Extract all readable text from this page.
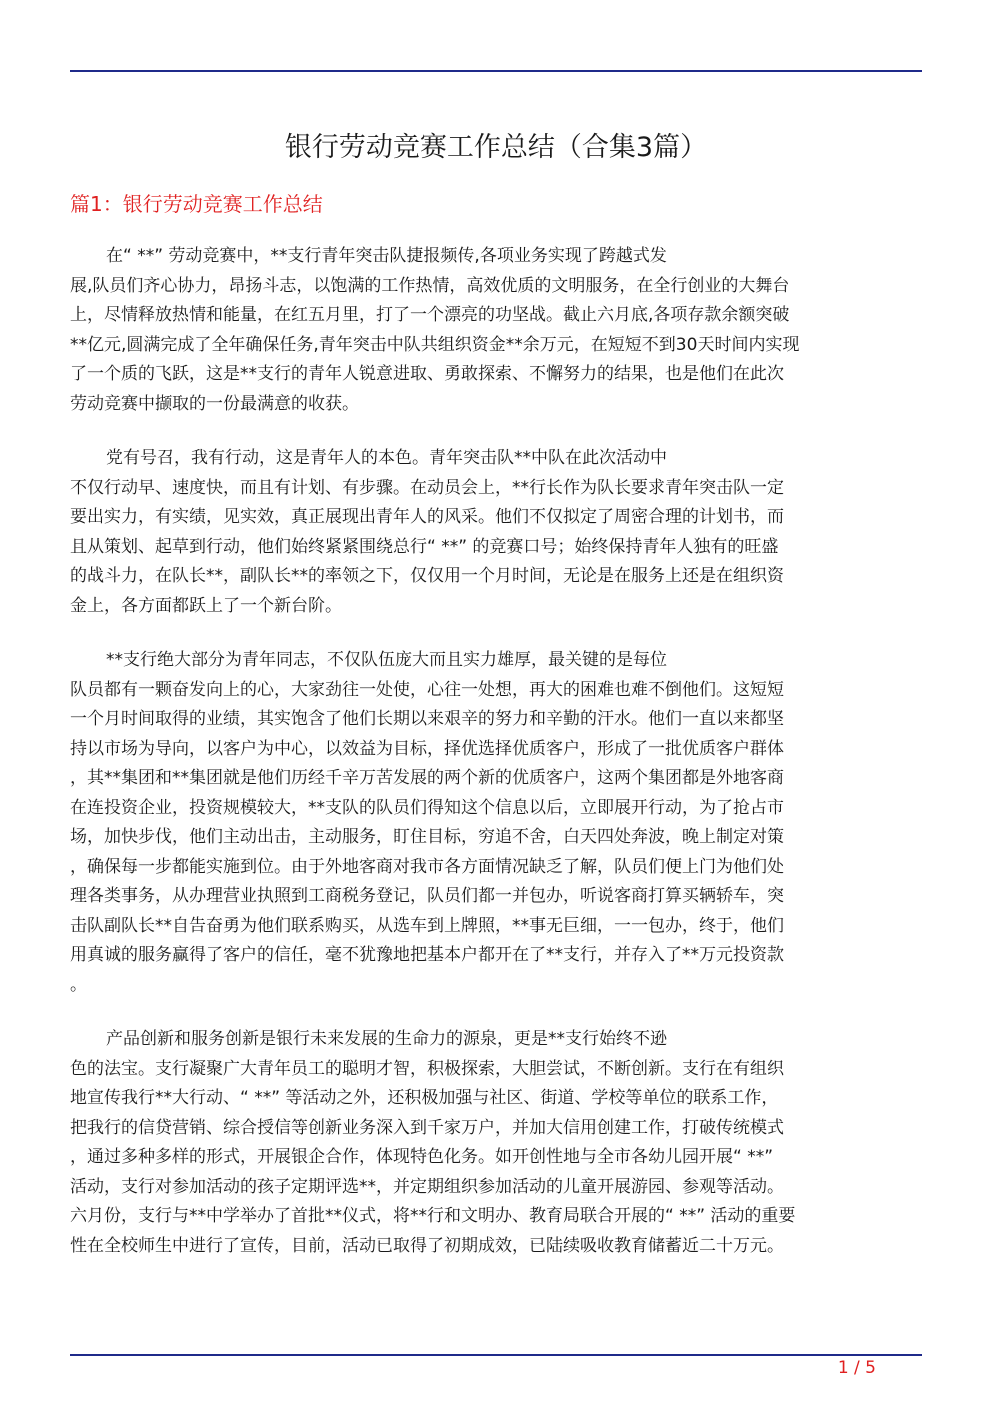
银行劳动竞赛工作总结（合集3篇）
篇1：银行劳动竞赛工作总结
在“ **” 劳动竞赛中，**支行青年突击队捷报频传,各项业务实现了跨越式发
展,队员们齐心协力，昂扬斗志，以饱满的工作热情，高效优质的文明服务，在全行创业的大舞台
上，尽情释放热情和能量，在红五月里，打了一个漂亮的功坚战。截止六月底,各项存款余额突破
**亿元,圆满完成了全年确保任务,青年突击中队共组织资金**余万元，在短短不到30天时间内实现
了一个质的飞跃，这是**支行的青年人锐意进取、勇敢探索、不懈努力的结果，也是他们在此次
劳动竞赛中撷取的一份最满意的收获。
党有号召，我有行动，这是青年人的本色。青年突击队**中队在此次活动中
不仅行动早、速度快，而且有计划、有步骤。在动员会上，**行长作为队长要求青年突击队一定
要出实力，有实绩，见实效，真正展现出青年人的风采。他们不仅拟定了周密合理的计划书，而
且从策划、起草到行动，他们始终紧紧围绕总行“ **” 的竞赛口号；始终保持青年人独有的旺盛
的战斗力，在队长**，副队长**的率领之下，仅仅用一个月时间，无论是在服务上还是在组织资
金上，各方面都跃上了一个新台阶。
**支行绝大部分为青年同志，不仅队伍庞大而且实力雄厚，最关键的是每位
队员都有一颗奋发向上的心，大家劲往一处使，心往一处想，再大的困难也难不倒他们。这短短
一个月时间取得的业绩，其实饱含了他们长期以来艰辛的努力和辛勤的汗水。他们一直以来都坚
持以市场为导向，以客户为中心，以效益为目标，择优选择优质客户，形成了一批优质客户群体
，其**集团和**集团就是他们历经千辛万苦发展的两个新的优质客户，这两个集团都是外地客商
在连投资企业，投资规模较大，**支队的队员们得知这个信息以后，立即展开行动，为了抢占市
场，加快步伐，他们主动出击，主动服务，盯住目标，穷追不舍，白天四处奔波，晚上制定对策
，确保每一步都能实施到位。由于外地客商对我市各方面情况缺乏了解，队员们便上门为他们处
理各类事务，从办理营业执照到工商税务登记，队员们都一并包办，听说客商打算买辆轿车，突
击队副队长**自告奋勇为他们联系购买，从选车到上牌照，**事无巨细，一一包办，终于，他们
用真诚的服务赢得了客户的信任，毫不犹豫地把基本户都开在了**支行，并存入了**万元投资款
。
产品创新和服务创新是银行未来发展的生命力的源泉，更是**支行始终不逊
色的法宝。支行凝聚广大青年员工的聪明才智，积极探索，大胆尝试，不断创新。支行在有组织
地宣传我行**大行动、“ **” 等活动之外，还积极加强与社区、街道、学校等单位的联系工作，
把我行的信贷营销、综合授信等创新业务深入到千家万户，并加大信用创建工作，打破传统模式
，通过多种多样的形式，开展银企合作，体现特色化务。如开创性地与全市各幼儿园开展“ **”
活动，支行对参加活动的孩子定期评选**，并定期组织参加活动的儿童开展游园、参观等活动。
六月份，支行与**中学举办了首批**仪式，将**行和文明办、教育局联合开展的“ **” 活动的重要
性在全校师生中进行了宣传，目前，活动已取得了初期成效，已陆续吸收教育储蓄近二十万元。
1 / 5
